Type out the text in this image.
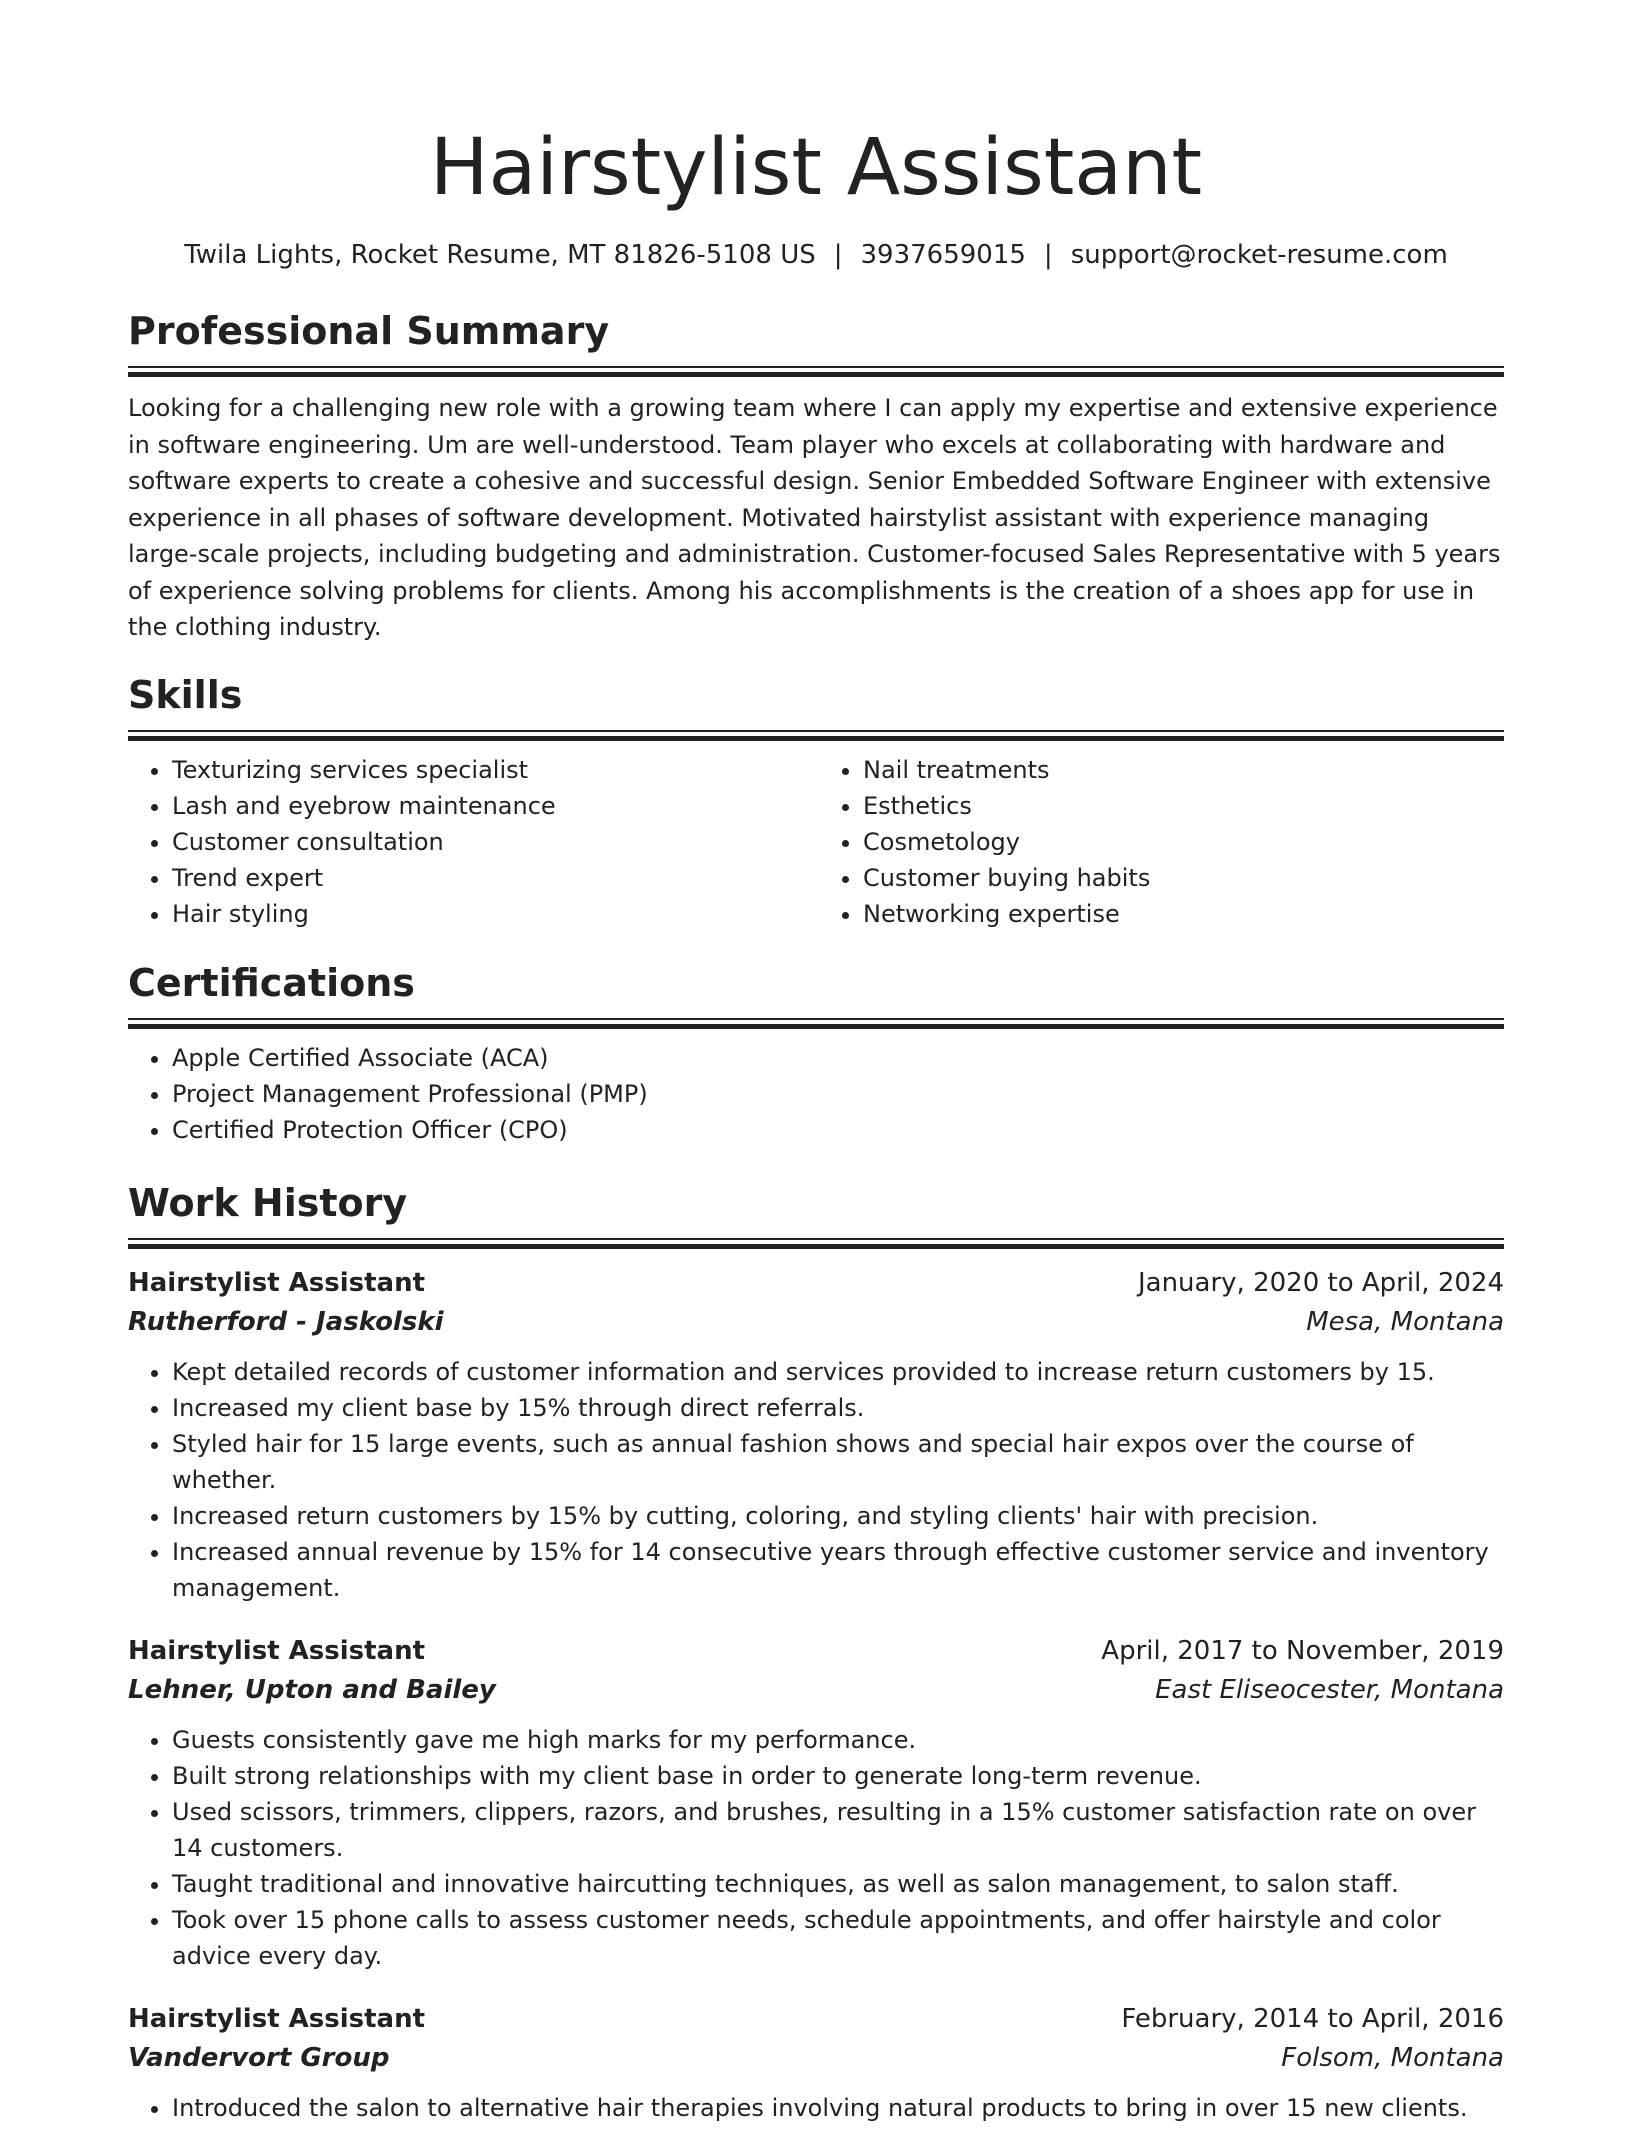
Hairstylist Assistant
Twila Lights, Rocket Resume, MT 81826-5108 US | 3937659015 | support@rocket-resume.com
Professional Summary
Looking for a challenging new role with a growing team where I can apply my expertise and extensive experience in software engineering. Um are well-understood. Team player who excels at collaborating with hardware and software experts to create a cohesive and successful design. Senior Embedded Software Engineer with extensive experience in all phases of software development. Motivated hairstylist assistant with experience managing large-scale projects, including budgeting and administration. Customer-focused Sales Representative with 5 years of experience solving problems for clients. Among his accomplishments is the creation of a shoes app for use in the clothing industry.
Skills
• Texturizing services specialist
• Lash and eyebrow maintenance
• Customer consultation
• Trend expert
• Hair styling
• Nail treatments
• Esthetics
• Cosmetology
• Customer buying habits
• Networking expertise
Certifications
• Apple Certified Associate (ACA)
• Project Management Professional (PMP)
• Certified Protection Officer (CPO)
Work History
Hairstylist Assistant	January, 2020 to April, 2024
Rutherford - Jaskolski	Mesa, Montana
• Kept detailed records of customer information and services provided to increase return customers by 15.
• Increased my client base by 15% through direct referrals.
• Styled hair for 15 large events, such as annual fashion shows and special hair expos over the course of whether.
• Increased return customers by 15% by cutting, coloring, and styling clients' hair with precision.
• Increased annual revenue by 15% for 14 consecutive years through effective customer service and inventory management.
Hairstylist Assistant	April, 2017 to November, 2019
Lehner, Upton and Bailey	East Eliseocester, Montana
• Guests consistently gave me high marks for my performance.
• Built strong relationships with my client base in order to generate long-term revenue.
• Used scissors, trimmers, clippers, razors, and brushes, resulting in a 15% customer satisfaction rate on over 14 customers.
• Taught traditional and innovative haircutting techniques, as well as salon management, to salon staff.
• Took over 15 phone calls to assess customer needs, schedule appointments, and offer hairstyle and color advice every day.
Hairstylist Assistant	February, 2014 to April, 2016
Vandervort Group	Folsom, Montana
• Introduced the salon to alternative hair therapies involving natural products to bring in over 15 new clients.
